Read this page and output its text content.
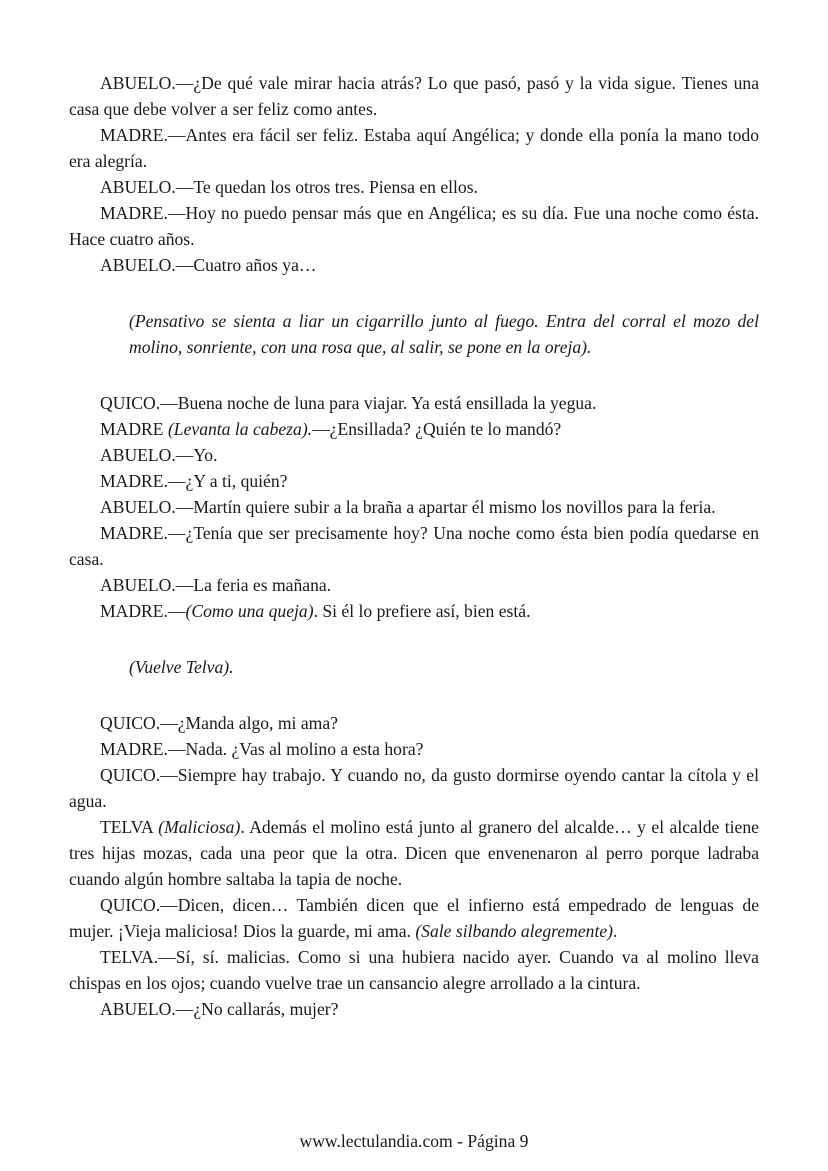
ABUELO.—¿De qué vale mirar hacia atrás? Lo que pasó, pasó y la vida sigue. Tienes una casa que debe volver a ser feliz como antes.

MADRE.—Antes era fácil ser feliz. Estaba aquí Angélica; y donde ella ponía la mano todo era alegría.

ABUELO.—Te quedan los otros tres. Piensa en ellos.

MADRE.—Hoy no puedo pensar más que en Angélica; es su día. Fue una noche como ésta. Hace cuatro años.

ABUELO.—Cuatro años ya…

(Pensativo se sienta a liar un cigarrillo junto al fuego. Entra del corral el mozo del molino, sonriente, con una rosa que, al salir, se pone en la oreja).

QUICO.—Buena noche de luna para viajar. Ya está ensillada la yegua.

MADRE (Levanta la cabeza).—¿Ensillada? ¿Quién te lo mandó?

ABUELO.—Yo.

MADRE.—¿Y a ti, quién?

ABUELO.—Martín quiere subir a la braña a apartar él mismo los novillos para la feria.

MADRE.—¿Tenía que ser precisamente hoy? Una noche como ésta bien podía quedarse en casa.

ABUELO.—La feria es mañana.

MADRE.—(Como una queja). Si él lo prefiere así, bien está.

(Vuelve Telva).

QUICO.—¿Manda algo, mi ama?

MADRE.—Nada. ¿Vas al molino a esta hora?

QUICO.—Siempre hay trabajo. Y cuando no, da gusto dormirse oyendo cantar la cítola y el agua.

TELVA (Maliciosa). Además el molino está junto al granero del alcalde… y el alcalde tiene tres hijas mozas, cada una peor que la otra. Dicen que envenenaron al perro porque ladraba cuando algún hombre saltaba la tapia de noche.

QUICO.—Dicen, dicen… También dicen que el infierno está empedrado de lenguas de mujer. ¡Vieja maliciosa! Dios la guarde, mi ama. (Sale silbando alegremente).

TELVA.—Sí, sí. malicias. Como si una hubiera nacido ayer. Cuando va al molino lleva chispas en los ojos; cuando vuelve trae un cansancio alegre arrollado a la cintura.

ABUELO.—¿No callarás, mujer?

www.lectulandia.com - Página 9
